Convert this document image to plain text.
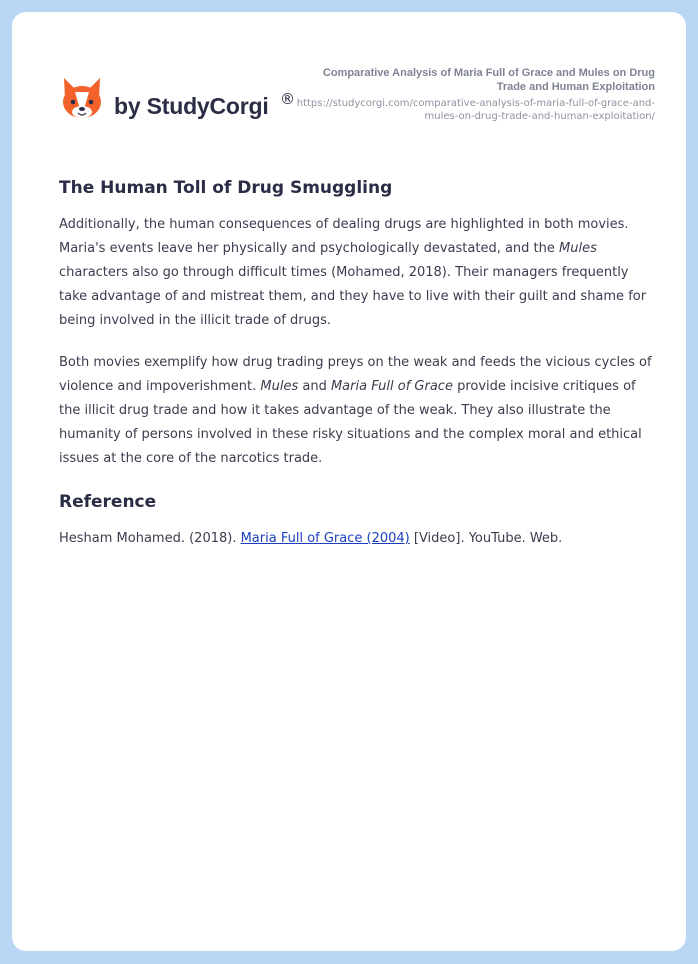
by StudyCorgi ®
Comparative Analysis of Maria Full of Grace and Mules on Drug Trade and Human Exploitation
https://studycorgi.com/comparative-analysis-of-maria-full-of-grace-and-mules-on-drug-trade-and-human-exploitation/
The Human Toll of Drug Smuggling

Additionally, the human consequences of dealing drugs are highlighted in both movies. Maria's events leave her physically and psychologically devastated, and the Mules characters also go through difficult times (Mohamed, 2018). Their managers frequently take advantage of and mistreat them, and they have to live with their guilt and shame for being involved in the illicit trade of drugs.

Both movies exemplify how drug trading preys on the weak and feeds the vicious cycles of violence and impoverishment. Mules and Maria Full of Grace provide incisive critiques of the illicit drug trade and how it takes advantage of the weak. They also illustrate the humanity of persons involved in these risky situations and the complex moral and ethical issues at the core of the narcotics trade.

Reference

Hesham Mohamed. (2018). Maria Full of Grace (2004) [Video]. YouTube. Web.
